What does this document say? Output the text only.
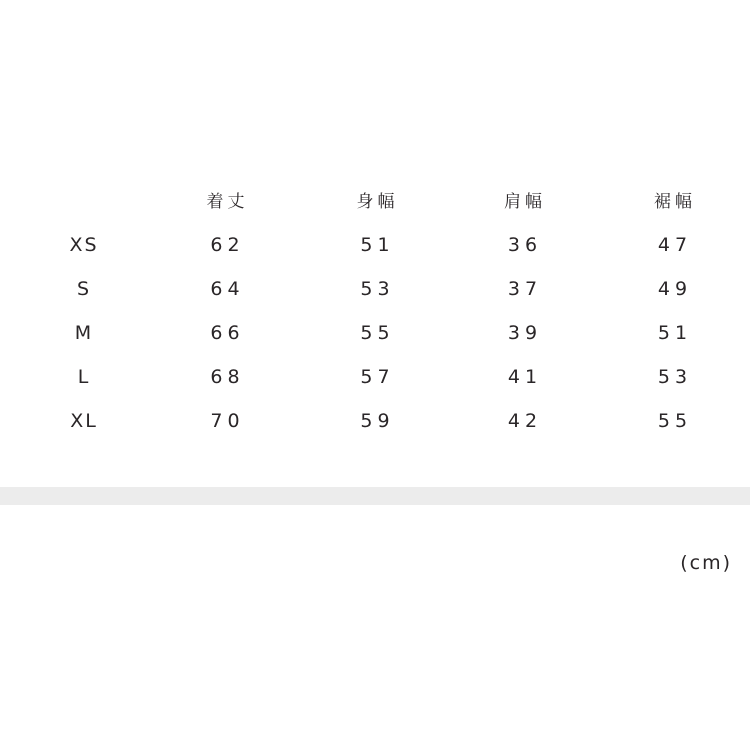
	着丈	身幅	肩幅	裾幅
XS	62	51	36	47
S	64	53	37	49
M	66	55	39	51
L	68	57	41	53
XL	70	59	42	55
(cm)
